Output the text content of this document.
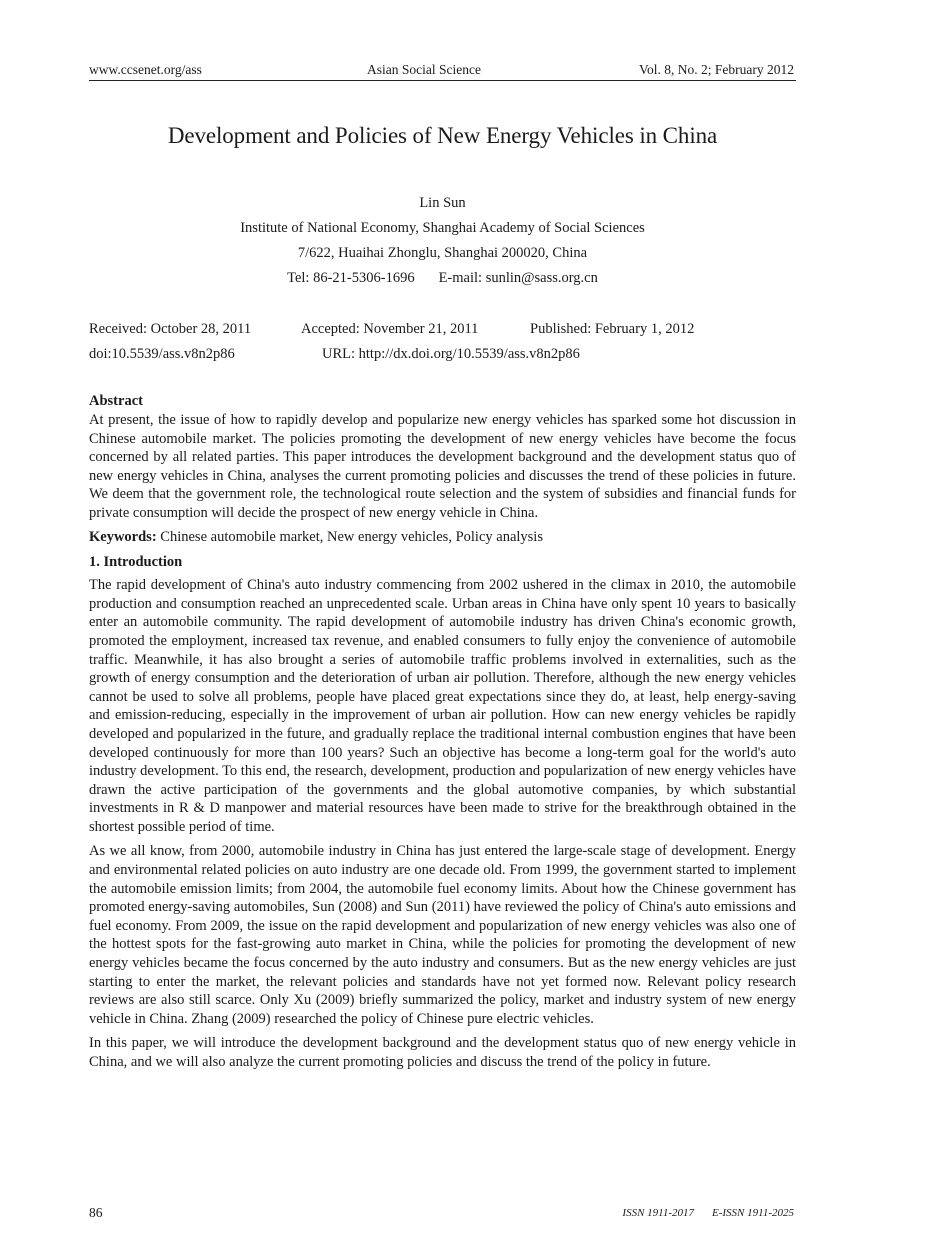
www.ccsenet.org/ass	Asian Social Science	Vol. 8, No. 2; February 2012
Development and Policies of New Energy Vehicles in China
Lin Sun
Institute of National Economy, Shanghai Academy of Social Sciences
7/622, Huaihai Zhonglu, Shanghai 200020, China
Tel: 86-21-5306-1696 E-mail: sunlin@sass.org.cn
Received: October 28, 2011	Accepted: November 21, 2011	Published: February 1, 2012
doi:10.5539/ass.v8n2p86	URL: http://dx.doi.org/10.5539/ass.v8n2p86
Abstract

At present, the issue of how to rapidly develop and popularize new energy vehicles has sparked some hot discussion in Chinese automobile market. The policies promoting the development of new energy vehicles have become the focus concerned by all related parties. This paper introduces the development background and the development status quo of new energy vehicles in China, analyses the current promoting policies and discusses the trend of these policies in future. We deem that the government role, the technological route selection and the system of subsidies and financial funds for private consumption will decide the prospect of new energy vehicle in China.

Keywords: Chinese automobile market, New energy vehicles, Policy analysis

1. Introduction

The rapid development of China's auto industry commencing from 2002 ushered in the climax in 2010, the automobile production and consumption reached an unprecedented scale. Urban areas in China have only spent 10 years to basically enter an automobile community. The rapid development of automobile industry has driven China's economic growth, promoted the employment, increased tax revenue, and enabled consumers to fully enjoy the convenience of automobile traffic. Meanwhile, it has also brought a series of automobile traffic problems involved in externalities, such as the growth of energy consumption and the deterioration of urban air pollution. Therefore, although the new energy vehicles cannot be used to solve all problems, people have placed great expectations since they do, at least, help energy-saving and emission-reducing, especially in the improvement of urban air pollution. How can new energy vehicles be rapidly developed and popularized in the future, and gradually replace the traditional internal combustion engines that have been developed continuously for more than 100 years? Such an objective has become a long-term goal for the world's auto industry development. To this end, the research, development, production and popularization of new energy vehicles have drawn the active participation of the governments and the global automotive companies, by which substantial investments in R & D manpower and material resources have been made to strive for the breakthrough obtained in the shortest possible period of time.

As we all know, from 2000, automobile industry in China has just entered the large-scale stage of development. Energy and environmental related policies on auto industry are one decade old. From 1999, the government started to implement the automobile emission limits; from 2004, the automobile fuel economy limits. About how the Chinese government has promoted energy-saving automobiles, Sun (2008) and Sun (2011) have reviewed the policy of China's auto emissions and fuel economy. From 2009, the issue on the rapid development and popularization of new energy vehicles was also one of the hottest spots for the fast-growing auto market in China, while the policies for promoting the development of new energy vehicles became the focus concerned by the auto industry and consumers. But as the new energy vehicles are just starting to enter the market, the relevant policies and standards have not yet formed now. Relevant policy research reviews are also still scarce. Only Xu (2009) briefly summarized the policy, market and industry system of new energy vehicle in China. Zhang (2009) researched the policy of Chinese pure electric vehicles.

In this paper, we will introduce the development background and the development status quo of new energy vehicle in China, and we will also analyze the current promoting policies and discuss the trend of the policy in future.

86	ISSN 1911-2017 E-ISSN 1911-2025
